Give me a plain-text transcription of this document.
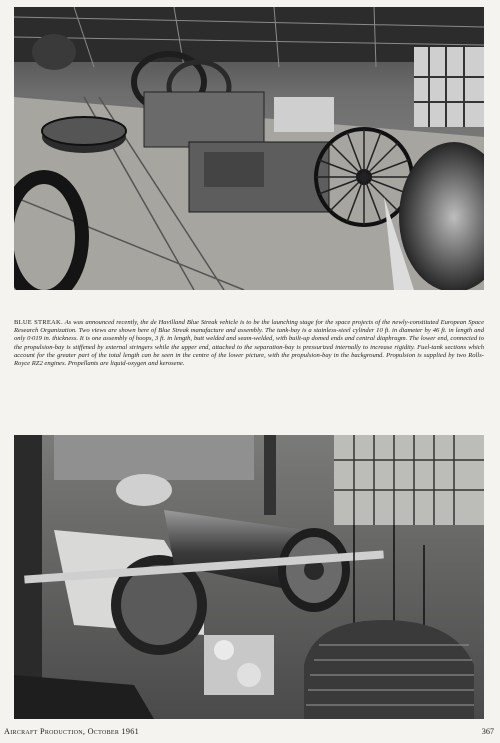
BLUE STREAK. As was announced recently, the de Havilland Blue Streak vehicle is to be the launching stage for the space projects of the newly-constituted European Space Research Organization. Two views are shown here of Blue Streak manufacture and assembly. The tank-bay is a stainless-steel cylinder 10 ft. in diameter by 46 ft. in length and only 0·019 in. thickness. It is one assembly of hoops, 3 ft. in length, butt welded and seam-welded, with built-up domed ends and central diaphragm. The lower end, connected to the propulsion-bay is stiffened by external stringers while the upper end, attached to the separation-bay is pressurized internally to increase rigidity. Fuel-tank sections which account for the greater part of the total length can be seen in the centre of the lower picture, with the propulsion-bay in the background. Propulsion is supplied by two Rolls-Royce RZ2 engines. Propellants are liquid-oxygen and kerosene.

Aircraft Production, October 1961	367
